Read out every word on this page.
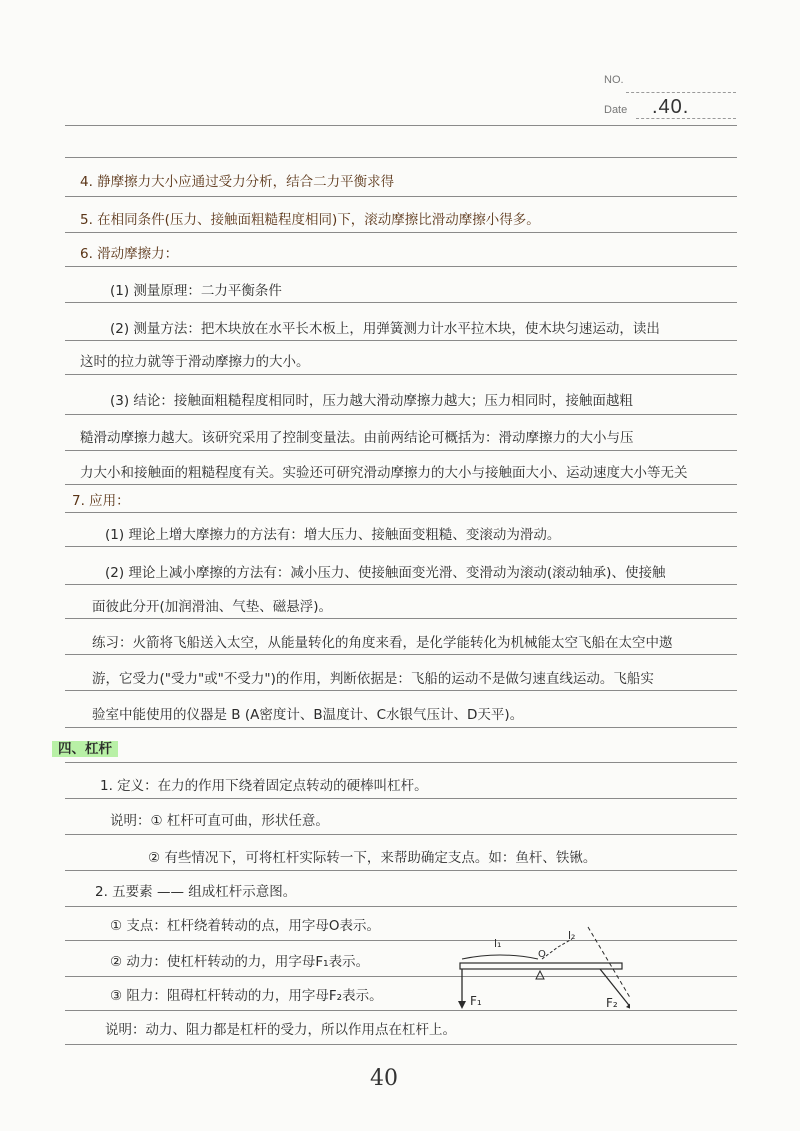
NO.
Date .40.
4. 静摩擦力大小应通过受力分析，结合二力平衡求得
5. 在相同条件(压力、接触面粗糙程度相同)下，滚动摩擦比滑动摩擦小得多。
6. 滑动摩擦力：
(1) 测量原理：二力平衡条件
(2) 测量方法：把木块放在水平长木板上，用弹簧测力计水平拉木块，使木块匀速运动，读出
这时的拉力就等于滑动摩擦力的大小。
(3) 结论：接触面粗糙程度相同时，压力越大滑动摩擦力越大；压力相同时，接触面越粗
糙滑动摩擦力越大。该研究采用了控制变量法。由前两结论可概括为：滑动摩擦力的大小与压
力大小和接触面的粗糙程度有关。实验还可研究滑动摩擦力的大小与接触面大小、运动速度大小等无关
7. 应用：
(1) 理论上增大摩擦力的方法有：增大压力、接触面变粗糙、变滚动为滑动。
(2) 理论上减小摩擦的方法有：减小压力、使接触面变光滑、变滑动为滚动(滚动轴承)、使接触
面彼此分开(加润滑油、气垫、磁悬浮)。
练习：火箭将飞船送入太空，从能量转化的角度来看，是化学能转化为机械能太空飞船在太空中遨
游，它受力("受力"或"不受力")的作用，判断依据是：飞船的运动不是做匀速直线运动。飞船实
验室中能使用的仪器是 B (A密度计、B温度计、C水银气压计、D天平)。
四、杠杆
1. 定义：在力的作用下绕着固定点转动的硬棒叫杠杆。
说明：① 杠杆可直可曲，形状任意。
② 有些情况下，可将杠杆实际转一下，来帮助确定支点。如：鱼杆、铁锹。
2. 五要素 —— 组成杠杆示意图。
① 支点：杠杆绕着转动的点，用字母O表示。
② 动力：使杠杆转动的力，用字母F₁表示。
③ 阻力：阻碍杠杆转动的力，用字母F₂表示。
说明：动力、阻力都是杠杆的受力，所以作用点在杠杆上。
l₁
l₂
O
F₁	F₂
40
